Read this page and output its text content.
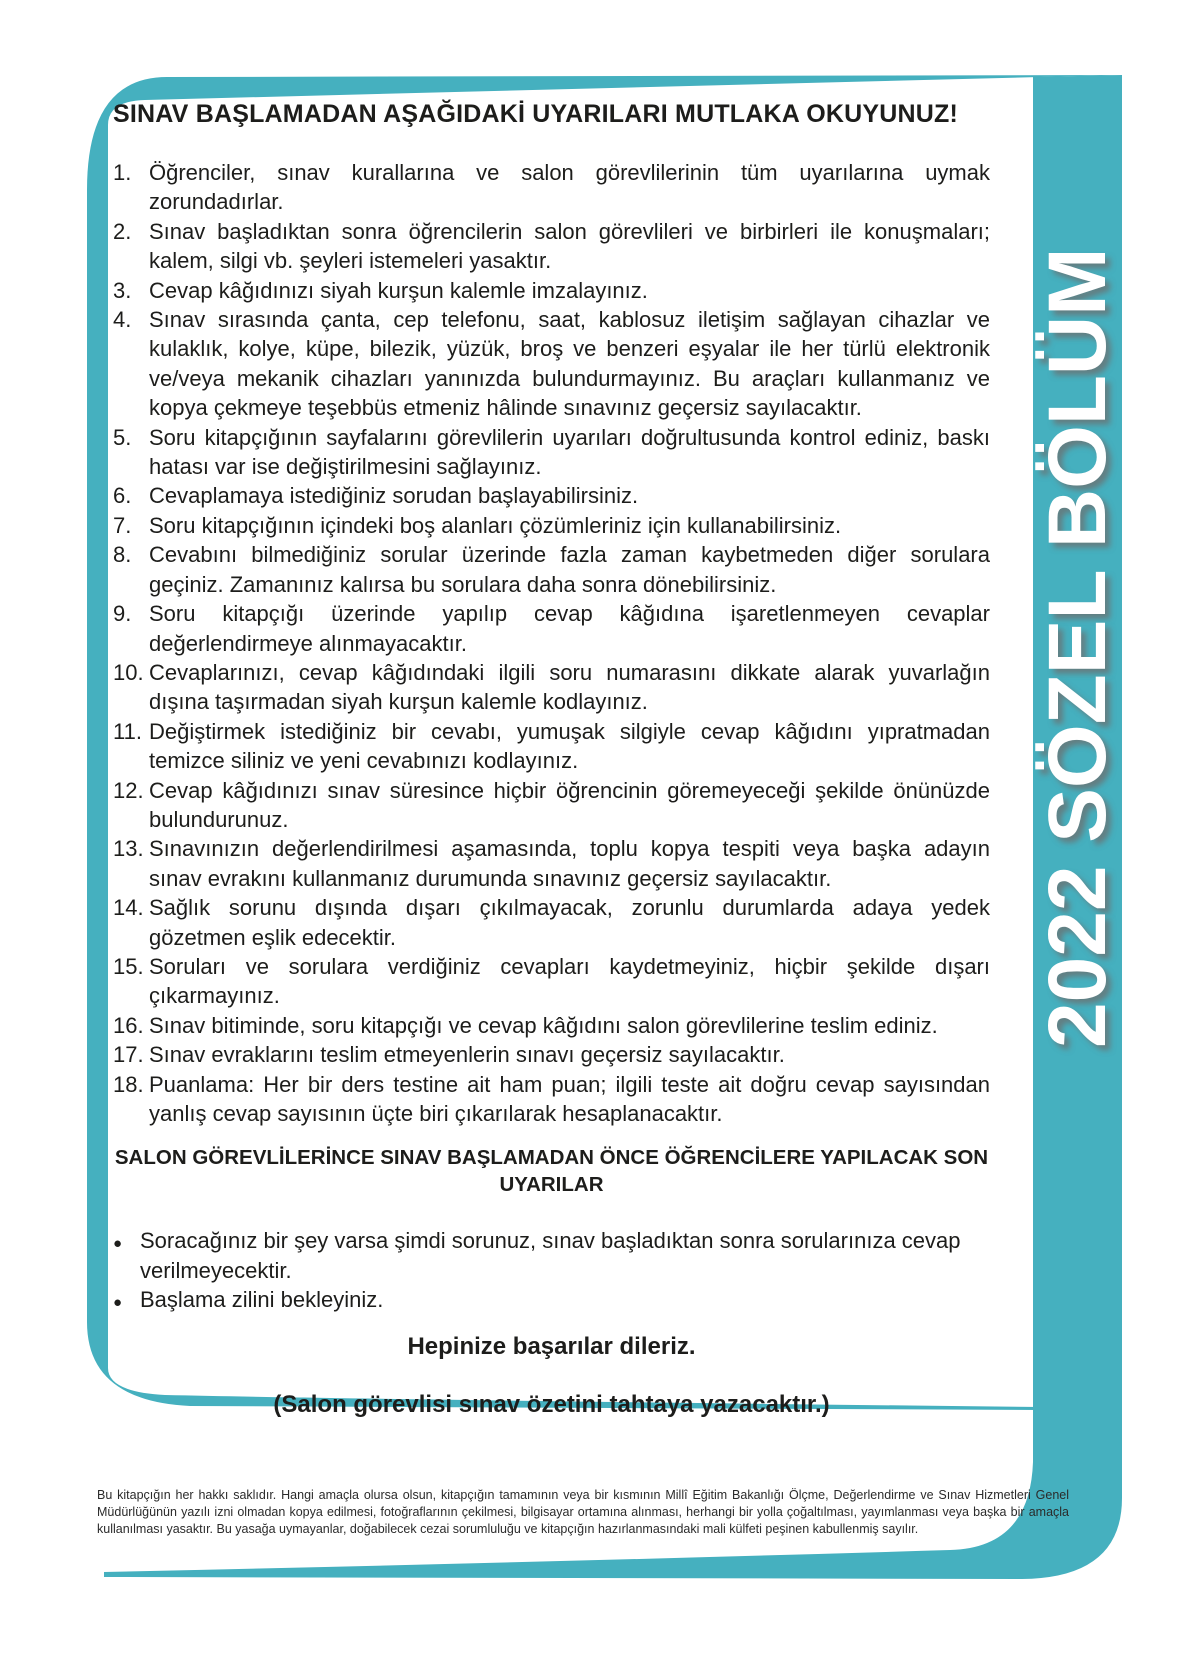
SINAV BAŞLAMADAN AŞAĞIDAKİ UYARILARI MUTLAKA OKUYUNUZ!
1. Öğrenciler, sınav kurallarına ve salon görevlilerinin tüm uyarılarına uymak zorundadırlar.
2. Sınav başladıktan sonra öğrencilerin salon görevlileri ve birbirleri ile konuşmaları; kalem, silgi vb. şeyleri istemeleri yasaktır.
3. Cevap kâğıdınızı siyah kurşun kalemle imzalayınız.
4. Sınav sırasında çanta, cep telefonu, saat, kablosuz iletişim sağlayan cihazlar ve kulaklık, kolye, küpe, bilezik, yüzük, broş ve benzeri eşyalar ile her türlü elektronik ve/veya mekanik cihazları yanınızda bulundurmayınız. Bu araçları kullanmanız ve kopya çekmeye teşebbüs etmeniz hâlinde sınavınız geçersiz sayılacaktır.
5. Soru kitapçığının sayfalarını görevlilerin uyarıları doğrultusunda kontrol ediniz, baskı hatası var ise değiştirilmesini sağlayınız.
6. Cevaplamaya istediğiniz sorudan başlayabilirsiniz.
7. Soru kitapçığının içindeki boş alanları çözümleriniz için kullanabilirsiniz.
8. Cevabını bilmediğiniz sorular üzerinde fazla zaman kaybetmeden diğer sorulara geçiniz. Zamanınız kalırsa bu sorulara daha sonra dönebilirsiniz.
9. Soru kitapçığı üzerinde yapılıp cevap kâğıdına işaretlenmeyen cevaplar değerlendirmeye alınmayacaktır.
10. Cevaplarınızı, cevap kâğıdındaki ilgili soru numarasını dikkate alarak yuvarlağın dışına taşırmadan siyah kurşun kalemle kodlayınız.
11. Değiştirmek istediğiniz bir cevabı, yumuşak silgiyle cevap kâğıdını yıpratmadan temizce siliniz ve yeni cevabınızı kodlayınız.
12. Cevap kâğıdınızı sınav süresince hiçbir öğrencinin göremeyeceği şekilde önünüzde bulundurunuz.
13. Sınavınızın değerlendirilmesi aşamasında, toplu kopya tespiti veya başka adayın sınav evrakını kullanmanız durumunda sınavınız geçersiz sayılacaktır.
14. Sağlık sorunu dışında dışarı çıkılmayacak, zorunlu durumlarda adaya yedek gözetmen eşlik edecektir.
15. Soruları ve sorulara verdiğiniz cevapları kaydetmeyiniz, hiçbir şekilde dışarı çıkarmayınız.
16. Sınav bitiminde, soru kitapçığı ve cevap kâğıdını salon görevlilerine teslim ediniz.
17. Sınav evraklarını teslim etmeyenlerin sınavı geçersiz sayılacaktır.
18. Puanlama: Her bir ders testine ait ham puan; ilgili teste ait doğru cevap sayısından yanlış cevap sayısının üçte biri çıkarılarak hesaplanacaktır.
SALON GÖREVLİLERİNCE SINAV BAŞLAMADAN ÖNCE ÖĞRENCİLERE YAPILACAK SON UYARILAR
●
Soracağınız bir şey varsa şimdi sorunuz, sınav başladıktan sonra sorularınıza cevap verilmeyecektir.
●
Başlama zilini bekleyiniz.
Hepinize başarılar dileriz.
(Salon görevlisi sınav özetini tahtaya yazacaktır.)
2022 SÖZEL BÖLÜM
Bu kitapçığın her hakkı saklıdır. Hangi amaçla olursa olsun, kitapçığın tamamının veya bir kısmının Millî Eğitim Bakanlığı Ölçme, Değerlendirme ve Sınav Hizmetleri Genel Müdürlüğünün yazılı izni olmadan kopya edilmesi, fotoğraflarının çekilmesi, bilgisayar ortamına alınması, herhangi bir yolla çoğaltılması, yayımlanması veya başka bir amaçla kullanılması yasaktır. Bu yasağa uymayanlar, doğabilecek cezai sorumluluğu ve kitapçığın hazırlanmasındaki mali külfeti peşinen kabullenmiş sayılır.
